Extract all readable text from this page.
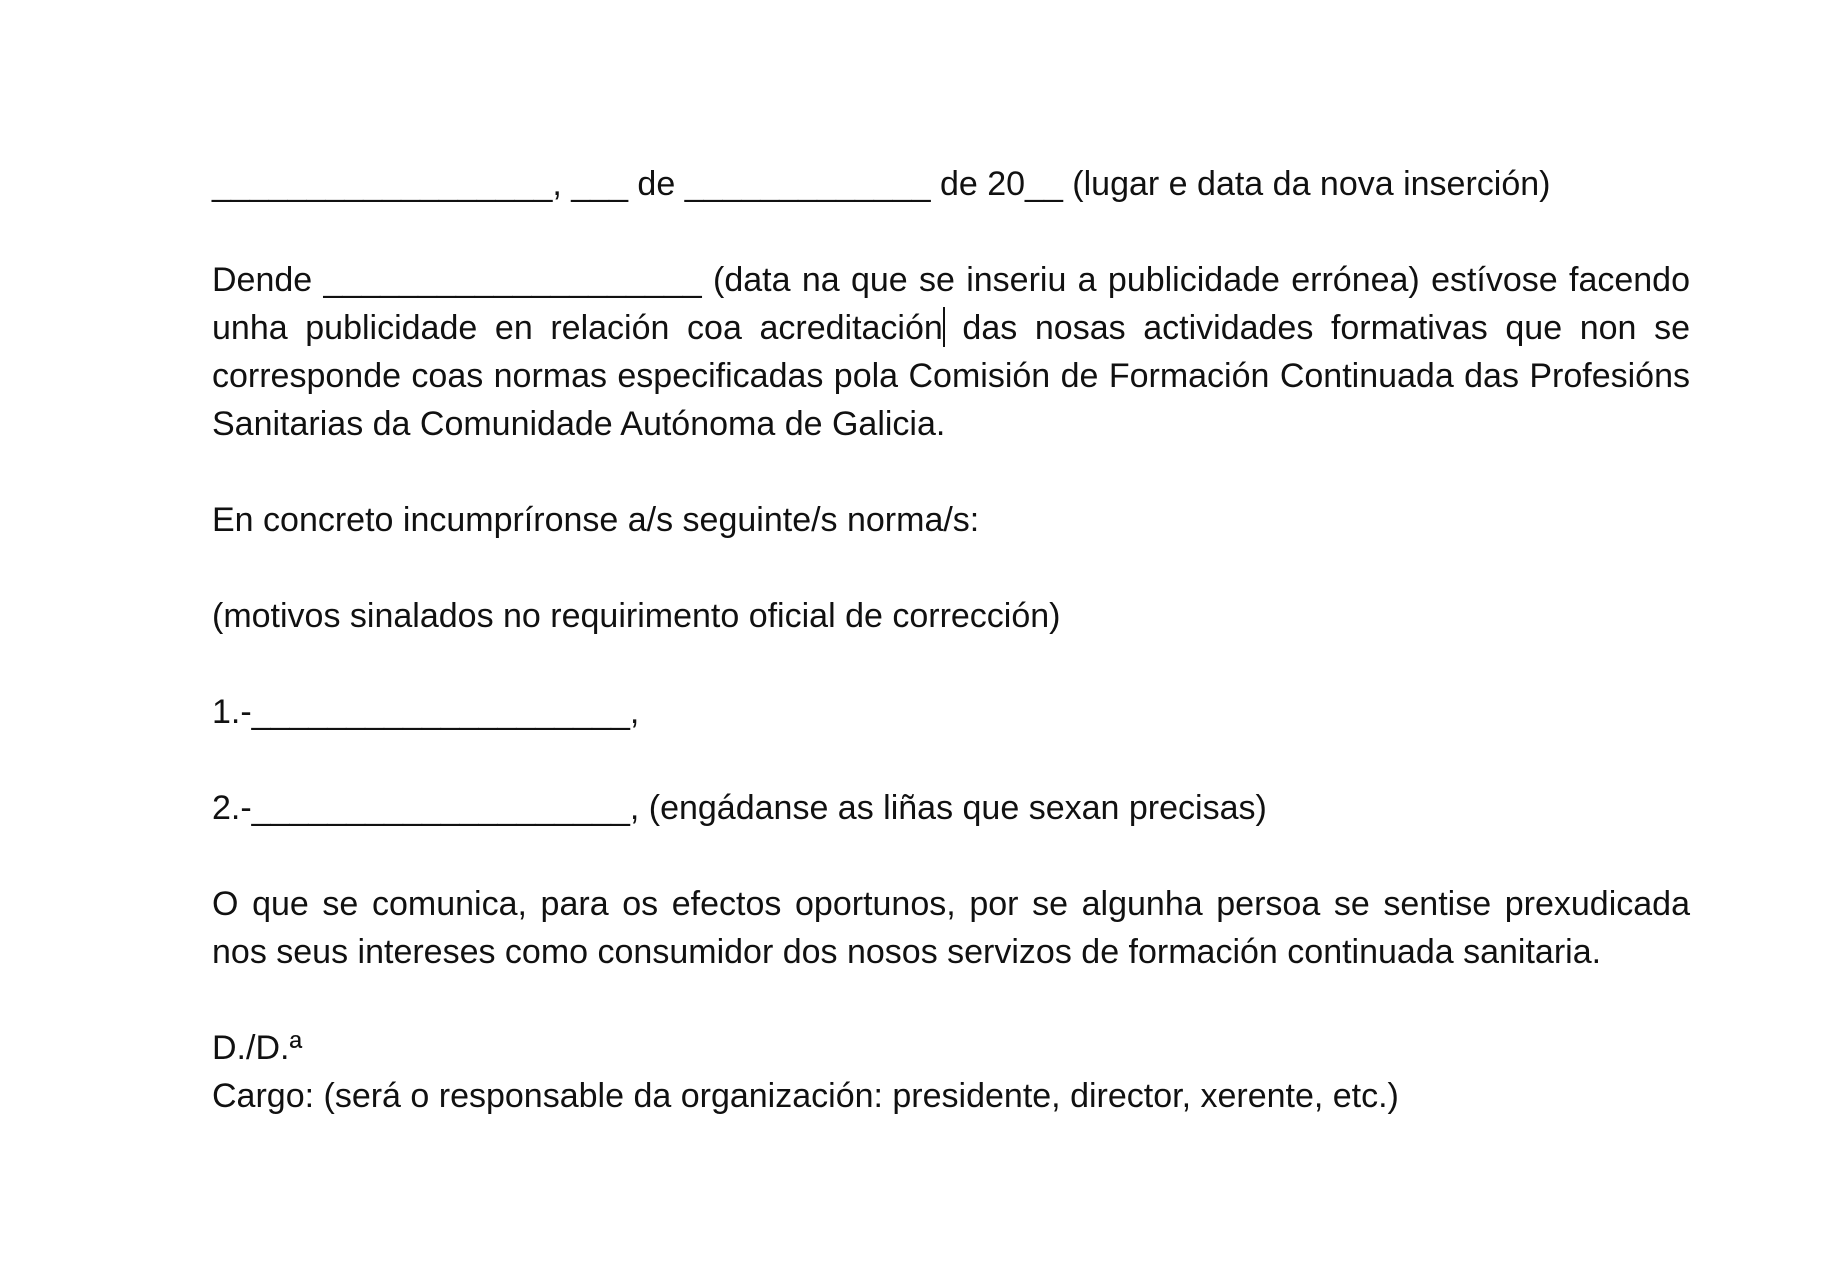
__________________, ___ de _____________ de 20__ (lugar e data da nova inserción)

Dende ____________________ (data na que se inseriu a publicidade errónea) estívose facendo unha publicidade en relación coa acreditación das nosas actividades formativas que non se corresponde coas normas especificadas pola Comisión de Formación Continuada das Profesións Sanitarias da Comunidade Autónoma de Galicia.

En concreto incumpríronse a/s seguinte/s norma/s:

(motivos sinalados no requirimento oficial de corrección)

1.-____________________,

2.-____________________, (engádanse as liñas que sexan precisas)

O que se comunica, para os efectos oportunos, por se algunha persoa se sentise prexudicada nos seus intereses como consumidor dos nosos servizos de formación continuada sanitaria.

D./D.ª

Cargo: (será o responsable da organización: presidente, director, xerente, etc.)
